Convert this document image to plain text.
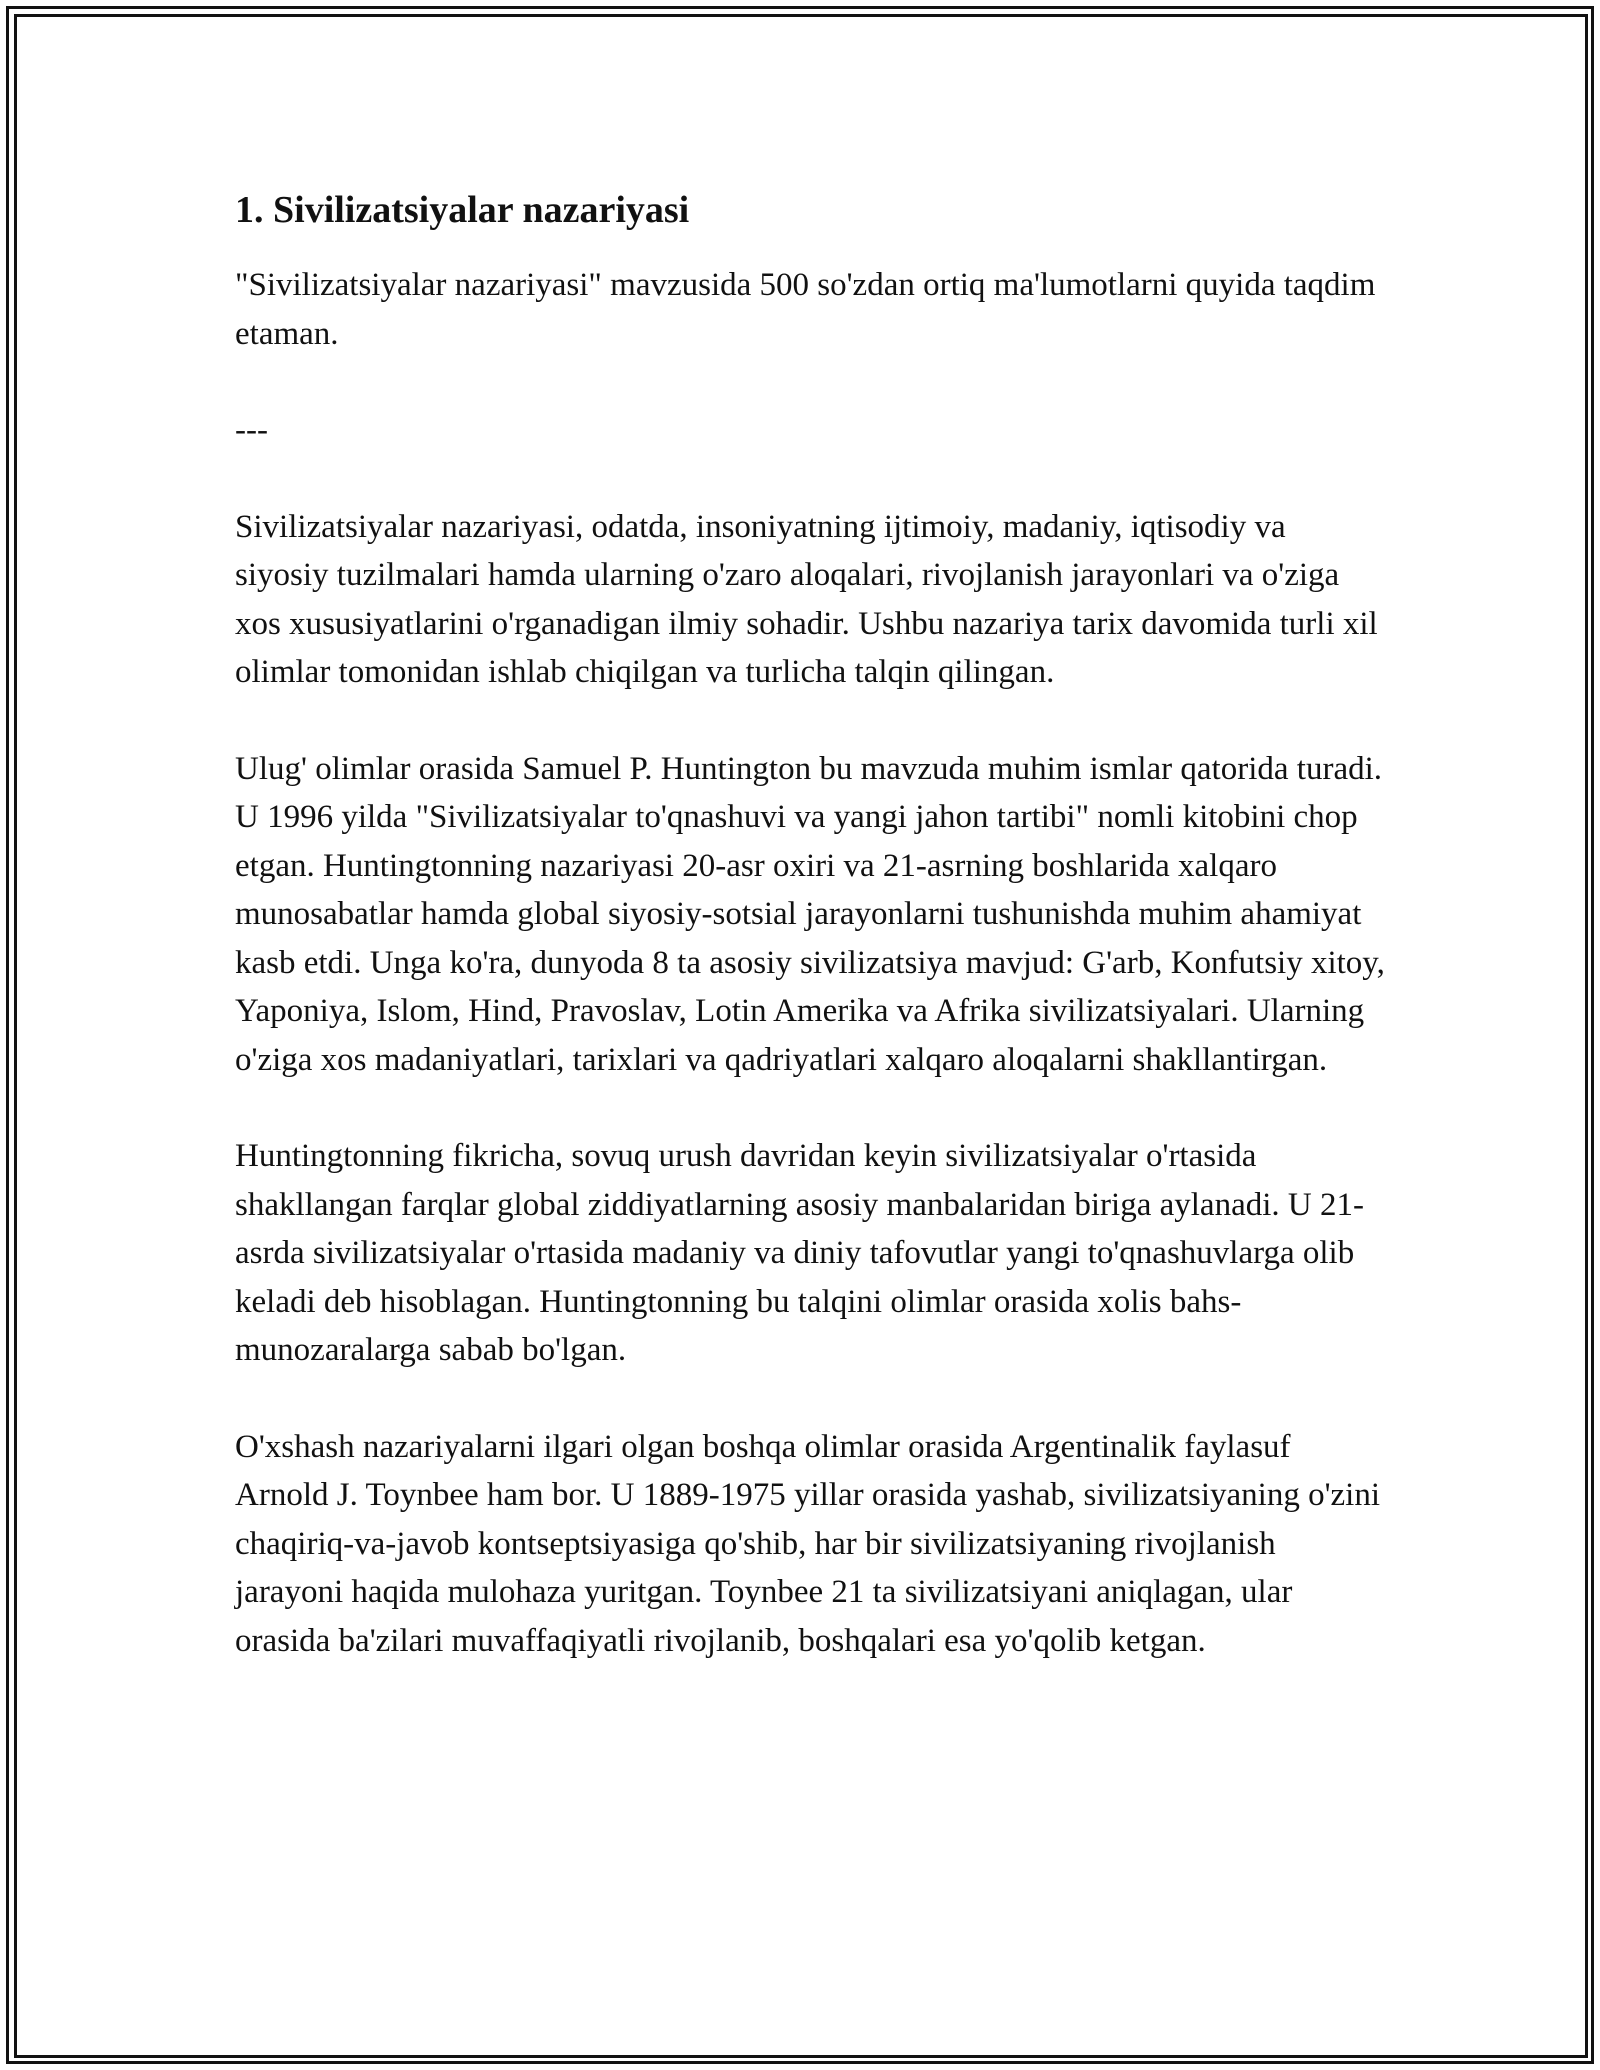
1. Sivilizatsiyalar nazariyasi

"Sivilizatsiyalar nazariyasi" mavzusida 500 so'zdan ortiq ma'lumotlarni quyida taqdim etaman.

---

Sivilizatsiyalar nazariyasi, odatda, insoniyatning ijtimoiy, madaniy, iqtisodiy va siyosiy tuzilmalari hamda ularning o'zaro aloqalari, rivojlanish jarayonlari va o'ziga xos xususiyatlarini o'rganadigan ilmiy sohadir. Ushbu nazariya tarix davomida turli xil olimlar tomonidan ishlab chiqilgan va turlicha talqin qilingan.

Ulug' olimlar orasida Samuel P. Huntington bu mavzuda muhim ismlar qatorida turadi. U 1996 yilda "Sivilizatsiyalar to'qnashuvi va yangi jahon tartibi" nomli kitobini chop etgan. Huntingtonning nazariyasi 20-asr oxiri va 21-asrning boshlarida xalqaro munosabatlar hamda global siyosiy-sotsial jarayonlarni tushunishda muhim ahamiyat kasb etdi. Unga ko'ra, dunyoda 8 ta asosiy sivilizatsiya mavjud: G'arb, Konfutsiy xitoy, Yaponiya, Islom, Hind, Pravoslav, Lotin Amerika va Afrika sivilizatsiyalari. Ularning o'ziga xos madaniyatlari, tarixlari va qadriyatlari xalqaro aloqalarni shakllantirgan.

Huntingtonning fikricha, sovuq urush davridan keyin sivilizatsiyalar o'rtasida shakllangan farqlar global ziddiyatlarning asosiy manbalaridan biriga aylanadi. U 21-asrda sivilizatsiyalar o'rtasida madaniy va diniy tafovutlar yangi to'qnashuvlarga olib keladi deb hisoblagan. Huntingtonning bu talqini olimlar orasida xolis bahs-munozaralarga sabab bo'lgan.

O'xshash nazariyalarni ilgari olgan boshqa olimlar orasida Argentinalik faylasuf Arnold J. Toynbee ham bor. U 1889-1975 yillar orasida yashab, sivilizatsiyaning o'zini chaqiriq-va-javob kontseptsiyasiga qo'shib, har bir sivilizatsiyaning rivojlanish jarayoni haqida mulohaza yuritgan. Toynbee 21 ta sivilizatsiyani aniqlagan, ular orasida ba'zilari muvaffaqiyatli rivojlanib, boshqalari esa yo'qolib ketgan.
